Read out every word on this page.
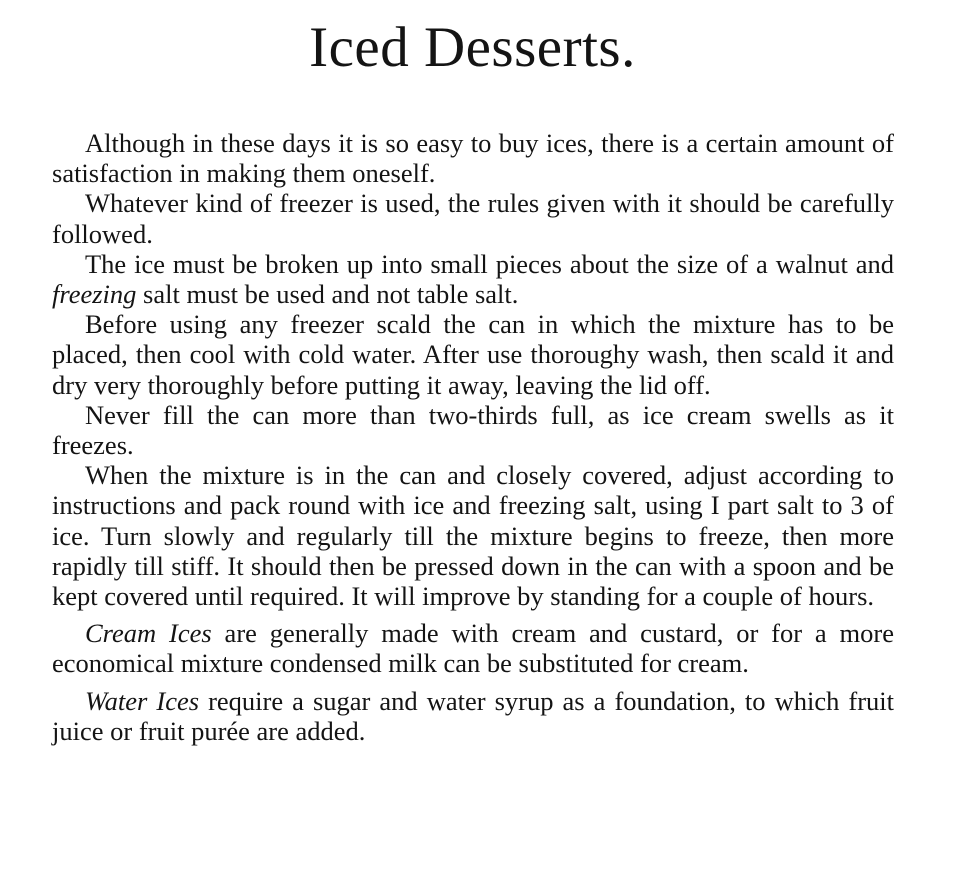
Iced Desserts.

Although in these days it is so easy to buy ices, there is a certain amount of satisfaction in making them oneself.

Whatever kind of freezer is used, the rules given with it should be carefully followed.

The ice must be broken up into small pieces about the size of a walnut and freezing salt must be used and not table salt.

Before using any freezer scald the can in which the mixture has to be placed, then cool with cold water. After use thoroughy wash, then scald it and dry very thoroughly before putting it away, leaving the lid off.

Never fill the can more than two-thirds full, as ice cream swells as it freezes.

When the mixture is in the can and closely covered, adjust according to instructions and pack round with ice and freezing salt, using I part salt to 3 of ice. Turn slowly and regularly till the mixture begins to freeze, then more rapidly till stiff. It should then be pressed down in the can with a spoon and be kept covered until required. It will improve by standing for a couple of hours.

Cream Ices are generally made with cream and custard, or for a more economical mixture condensed milk can be substituted for cream.

Water Ices require a sugar and water syrup as a foundation, to which fruit juice or fruit purée are added.
